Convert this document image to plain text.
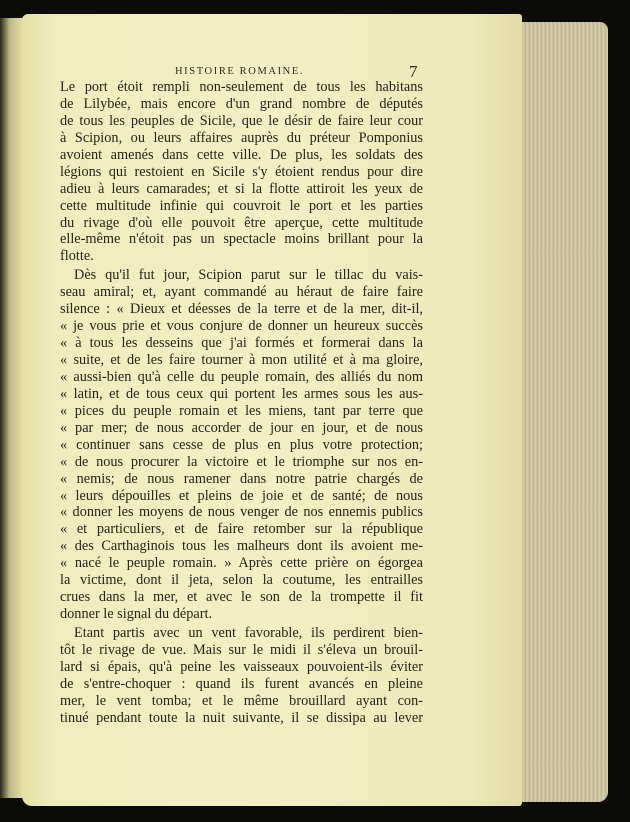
HISTOIRE ROMAINE.	7
Le port étoit rempli non-seulement de tous les habitans
de Lilybée, mais encore d'un grand nombre de députés
de tous les peuples de Sicile, que le désir de faire leur cour
à Scipion, ou leurs affaires auprès du préteur Pomponius
avoient amenés dans cette ville. De plus, les soldats des
légions qui restoient en Sicile s'y étoient rendus pour dire
adieu à leurs camarades; et si la flotte attiroit les yeux de
cette multitude infinie qui couvroit le port et les parties
du rivage d'où elle pouvoit être aperçue, cette multitude
elle-même n'étoit pas un spectacle moins brillant pour la
flotte.
Dès qu'il fut jour, Scipion parut sur le tillac du vais-
seau amiral; et, ayant commandé au héraut de faire faire
silence : « Dieux et déesses de la terre et de la mer, dit-il,
« je vous prie et vous conjure de donner un heureux succès
« à tous les desseins que j'ai formés et formerai dans la
« suite, et de les faire tourner à mon utilité et à ma gloire,
« aussi-bien qu'à celle du peuple romain, des alliés du nom
« latin, et de tous ceux qui portent les armes sous les aus-
« pices du peuple romain et les miens, tant par terre que
« par mer; de nous accorder de jour en jour, et de nous
« continuer sans cesse de plus en plus votre protection;
« de nous procurer la victoire et le triomphe sur nos en-
« nemis; de nous ramener dans notre patrie chargés de
« leurs dépouilles et pleins de joie et de santé; de nous
« donner les moyens de nous venger de nos ennemis publics
« et particuliers, et de faire retomber sur la république
« des Carthaginois tous les malheurs dont ils avoient me-
« nacé le peuple romain. » Après cette prière on égorgea
la victime, dont il jeta, selon la coutume, les entrailles
crues dans la mer, et avec le son de la trompette il fit
donner le signal du départ.
Etant partis avec un vent favorable, ils perdirent bien-
tôt le rivage de vue. Mais sur le midi il s'éleva un brouil-
lard si épais, qu'à peine les vaisseaux pouvoient-ils éviter
de s'entre-choquer : quand ils furent avancés en pleine
mer, le vent tomba; et le même brouillard ayant con-
tinué pendant toute la nuit suivante, il se dissipa au lever
